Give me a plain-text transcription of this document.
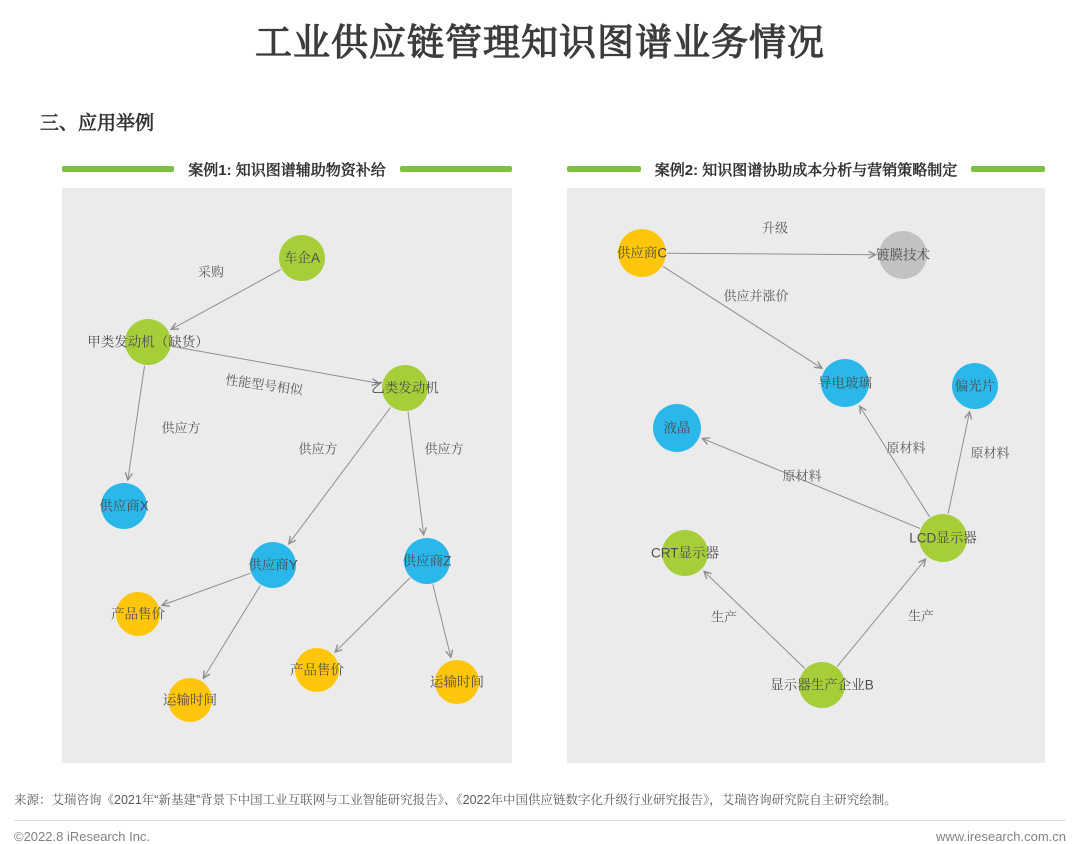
工业供应链管理知识图谱业务情况
三、应用举例
案例1: 知识图谱辅助物资补给
采购
性能型号相似
供应方
供应方	供应方
车企A
甲类发动机（缺货）
乙类发动机
供应商X
供应商Y	供应商Z
产品售价
运输时间
产品售价
运输时间
案例2: 知识图谱协助成本分析与营销策略制定
升级
供应并涨价
原材料	原材料
原材料
生产	生产
供应商C	镀膜技术
导电玻璃	偏光片
液晶
CRT显示器
LCD显示器
显示器生产企业B
来源：艾瑞咨询《2021年“新基建”背景下中国工业互联网与工业智能研究报告》、《2022年中国供应链数字化升级行业研究报告》，艾瑞咨询研究院自主研究绘制。
©2022.8 iResearch Inc.	www.iresearch.com.cn
